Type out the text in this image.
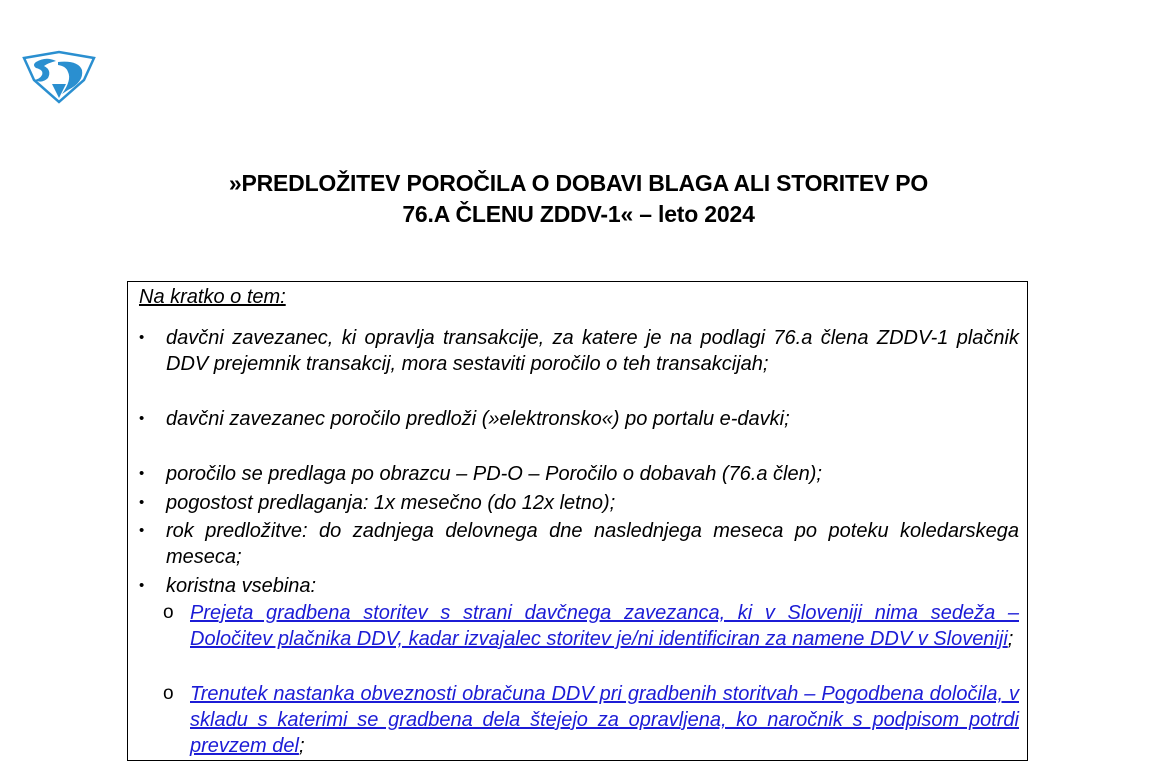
»PREDLOŽITEV POROČILA O DOBAVI BLAGA ALI STORITEV PO
76.A ČLENU ZDDV-1« – leto 2024
Na kratko o tem:
•
davčni zavezanec, ki opravlja transakcije, za katere je na podlagi 76.a člena ZDDV-1 plačnik DDV prejemnik transakcij, mora sestaviti poročilo o teh transakcijah;
•
davčni zavezanec poročilo predloži (»elektronsko«) po portalu e-davki;
•
poročilo se predlaga po obrazcu – PD-O – Poročilo o dobavah (76.a člen);
•
pogostost predlaganja: 1x mesečno (do 12x letno);
•
rok predložitve: do zadnjega delovnega dne naslednjega meseca po poteku koledarskega meseca;
•
koristna vsebina:
o Prejeta gradbena storitev s strani davčnega zavezanca, ki v Sloveniji nima sedeža – Določitev plačnika DDV, kadar izvajalec storitev je/ni identificiran za namene DDV v Sloveniji;
o Trenutek nastanka obveznosti obračuna DDV pri gradbenih storitvah – Pogodbena določila, v skladu s katerimi se gradbena dela štejejo za opravljena, ko naročnik s podpisom potrdi prevzem del;
